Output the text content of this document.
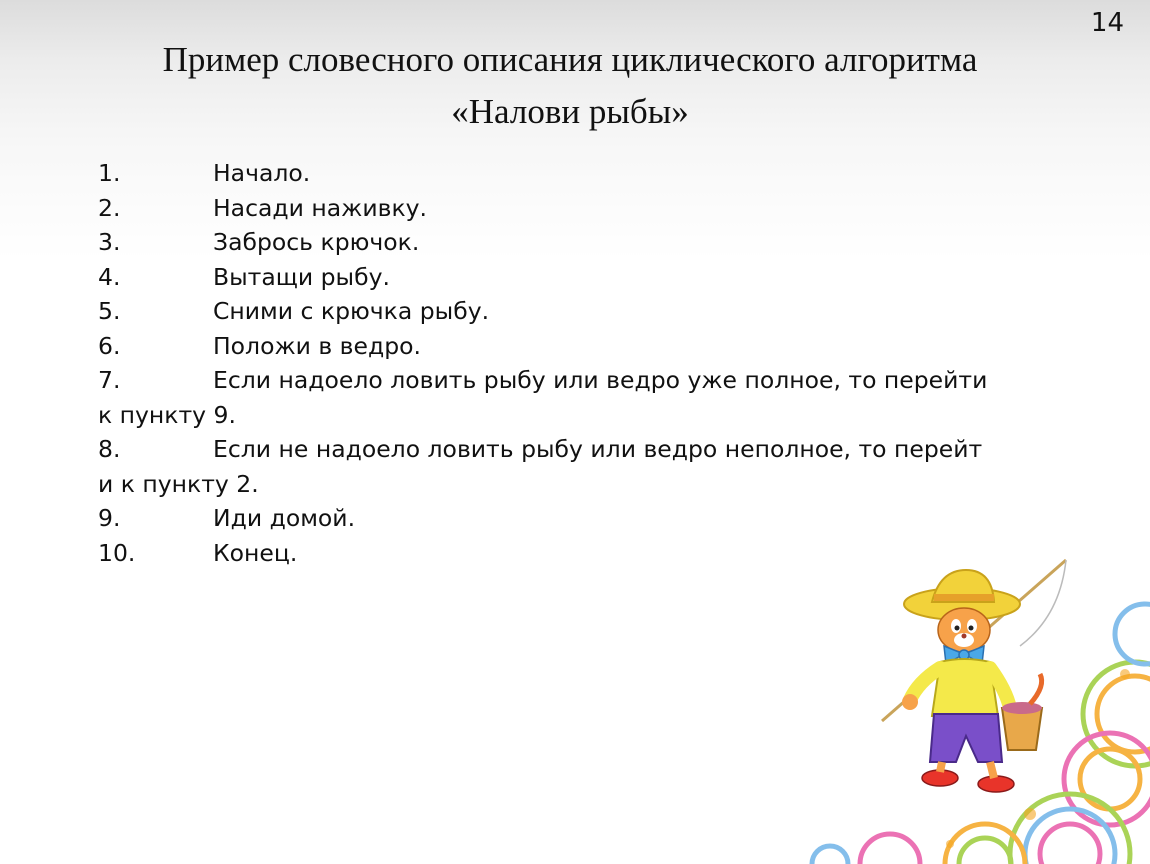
14
Пример словесного описания циклического алгоритма
«Налови рыбы»
1.	Начало.
2.	Насади наживку.
3.	Забрось крючок.
4.	Вытащи рыбу.
5.	Сними с крючка рыбу.
6.	Положи в ведро.
7.	Если надоело ловить рыбу или ведро уже полное, то перейти
к пункту 9.
8.	Если не надоело ловить рыбу или ведро неполное, то перейт
и к пункту 2.
9.	Иди домой.
10.	Конец.
